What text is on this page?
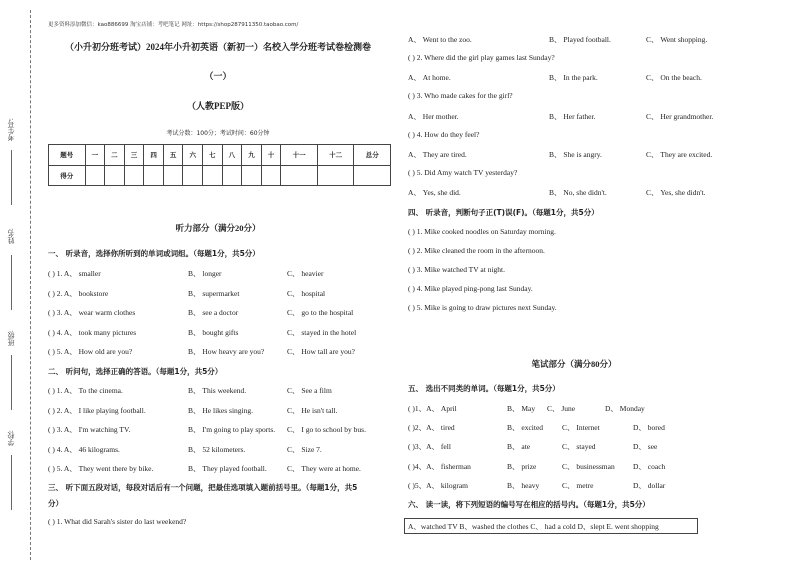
考生号:
姓名:
班级:
学校:
更多资料添加微信：kao886699 淘宝店铺：考吧笔记 网址：https://shop287911350.taobao.com/
（小升初分班考试）2024年小升初英语（新初一）名校入学分班考试卷检测卷
（一）
（人教PEP版）
考试分数：100分；考试时间：60分钟
题号	一	二	三	四	五	六	七	八	九	十	十一	十二	总分
得分													
听力部分（满分20分）
一、 听录音，选择你所听到的单词或词组。（每题1分，共5分）
( ) 1. A、 smaller	B、 longer	C、 heavier
( ) 2. A、 bookstore	B、 supermarket	C、 hospital
( ) 3. A、 wear warm clothes	B、 see a doctor	C、 go to the hospital
( ) 4. A、 took many pictures	B、 bought gifts	C、 stayed in the hotel
( ) 5. A、 How old are you?	B、 How heavy are you?	C、 How tall are you?
二、 听问句，选择正确的答语。（每题1分，共5分）
( ) 1. A、 To the cinema.	B、 This weekend.	C、 See a film
( ) 2. A、 I like playing football.	B、 He likes singing.	C、 He isn't tall.
( ) 3. A、 I'm watching TV.	B、 I'm going to play sports. C、 I go to school by bus.
( ) 4. A、 46 kilograms.	B、 52 kilometers.	C、 Size 7.
( ) 5. A、 They went there by bike.	B、 They played football.	C、 They were at home.
三、 听下面五段对话，每段对话后有一个问题，把最佳选项填入题前括号里。（每题1分，共5
分）
( ) 1. What did Sarah's sister do last weekend?
A、 Went to the zoo.	B、 Played football.	C、 Went shopping.
( ) 2. Where did the girl play games last Sunday?
A、 At home.	B、 In the park.	C、 On the beach.
( ) 3. Who made cakes for the girl?
A、 Her mother.	B、 Her father.	C、 Her grandmother.
( ) 4. How do they feel?
A、 They are tired.	B、 She is angry.	C、 They are excited.
( ) 5. Did Amy watch TV yesterday?
A、 Yes, she did.	B、 No, she didn't.	C、 Yes, she didn't.
四、 听录音，判断句子正(T)误(F)。（每题1分，共5分）
( ) 1. Mike cooked noodles on Saturday morning.
( ) 2. Mike cleaned the room in the afternoon.
( ) 3. Mike watched TV at night.
( ) 4. Mike played ping-pong last Sunday.
( ) 5. Mike is going to draw pictures next Sunday.
笔试部分（满分80分）
五、 选出不同类的单词。（每题1分，共5分）
( )1、A、 April	B、 May C、 June	D、 Monday
( )2、A、 tired	B、 excited	C、 Internet	D、 bored
( )3、A、 fell	B、 ate	C、 stayed	D、 see
( )4、A、 fisherman	B、 prize	C、 businessman D、 coach
( )5、A、 kilogram	B、 heavy	C、 metre	D、 dollar
六、 读一读，将下列短语的编号写在相应的括号内。（每题1分，共5分）
A、watched TV B、washed the clothes C、 had a cold D、slept E. went shopping
